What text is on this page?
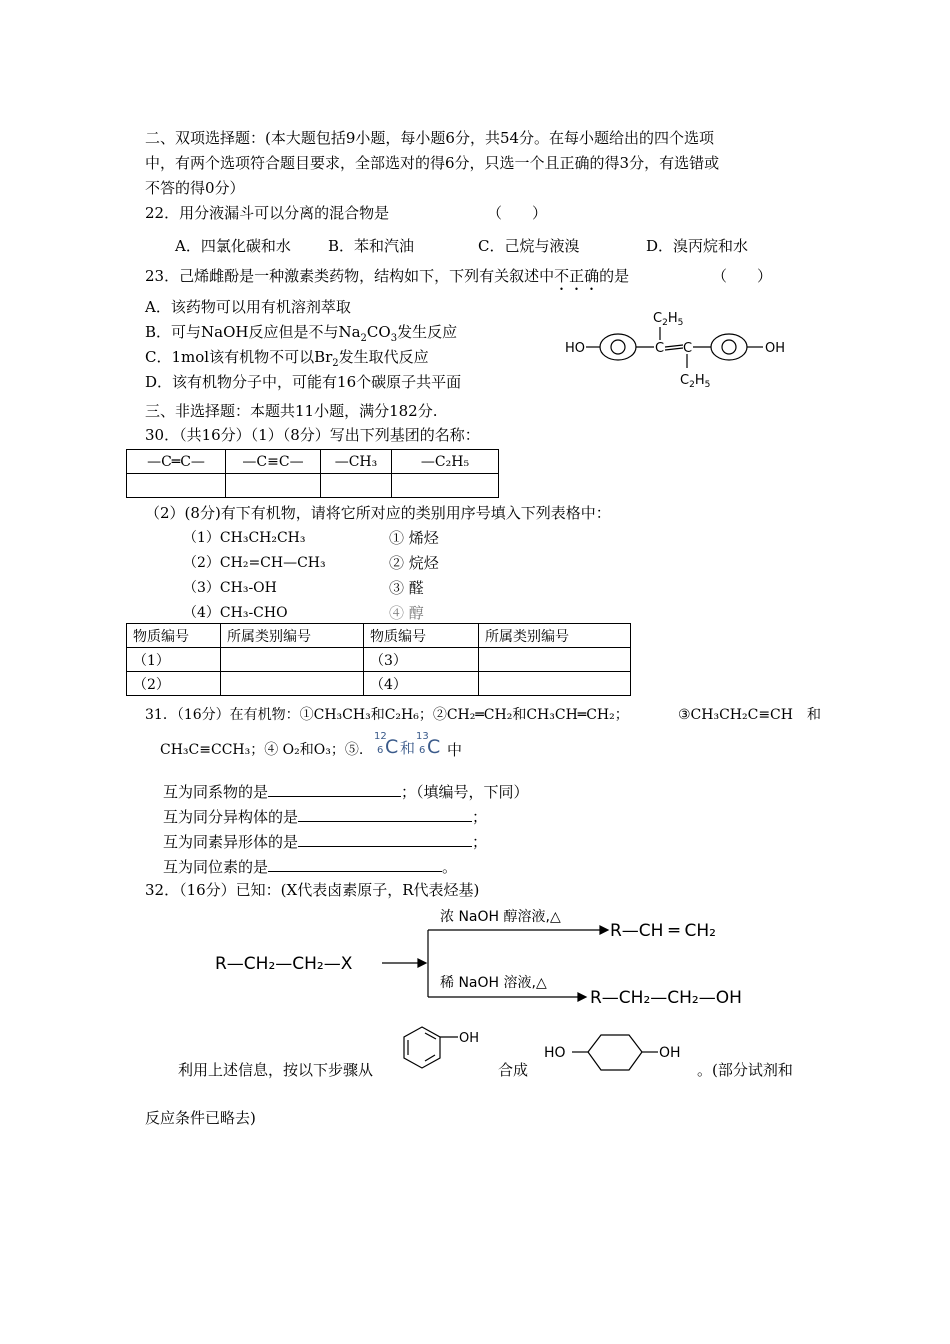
二、双项选择题：(本大题包括9小题，每小题6分，共54分。在每小题给出的四个选项
中，有两个选项符合题目要求，全部选对的得6分，只选一个且正确的得3分，有选错或
不答的得0分）
22．用分液漏斗可以分离的混合物是	（　　）
A．四氯化碳和水 B．苯和汽油	C．己烷与液溴	D．溴丙烷和水
23．己烯雌酚是一种激素类药物，结构如下，下列有关叙述中不正确的是	（　　）
A．该药物可以用有机溶剂萃取
B．可与NaOH反应但是不与$Na_2CO_3$发生反应
C．1mol该有机物不可以$Br_2$发生取代反应
D．该有机物分子中，可能有16个碳原子共平面
HO	C C	OH
$C_2H_5$
$C_2H_5$
三、非选择题：本题共11小题，满分182分.
30．（共16分）（1）（8分）写出下列基团的名称：
—C═C—	—C≡C—	—CH₃	—C₂H₅

（2）(8分)有下有机物，请将它所对应的类别用序号填入下列表格中：
（1）CH₃CH₂CH₃
（2）CH₂=CH—CH₃
（3）CH₃-OH
（4）CH₃-CHO
① 烯烃
② 烷烃
③ 醛
④ 醇
物质编号	所属类别编号	物质编号	所属类别编号
（1）		（3）	
（2）		（4）	
31．（16分）在有机物：①CH₃CH₃和C₂H₆；②CH₂═CH₂和CH₃CH═CH₂；	③CH₃CH₂C≡CH　和
CH₃C≡CCH₃；④ O₂和O₃；⑤.
12
6 C 和
13
6 C 中
互为同系物的是	；（填编号，下同）
互为同分异构体的是	；
互为同素异形体的是	；
互为同位素的是	。
32．（16分）已知：(X代表卤素原子，R代表烃基)
R—CH₂—CH₂—X
浓 NaOH 醇溶液,△
稀 NaOH 溶液,△
R—CH ═ CH₂
R—CH₂—CH₂—OH
利用上述信息，按以下步骤从
OH
合成
HO	OH
。(部分试剂和
反应条件已略去)
